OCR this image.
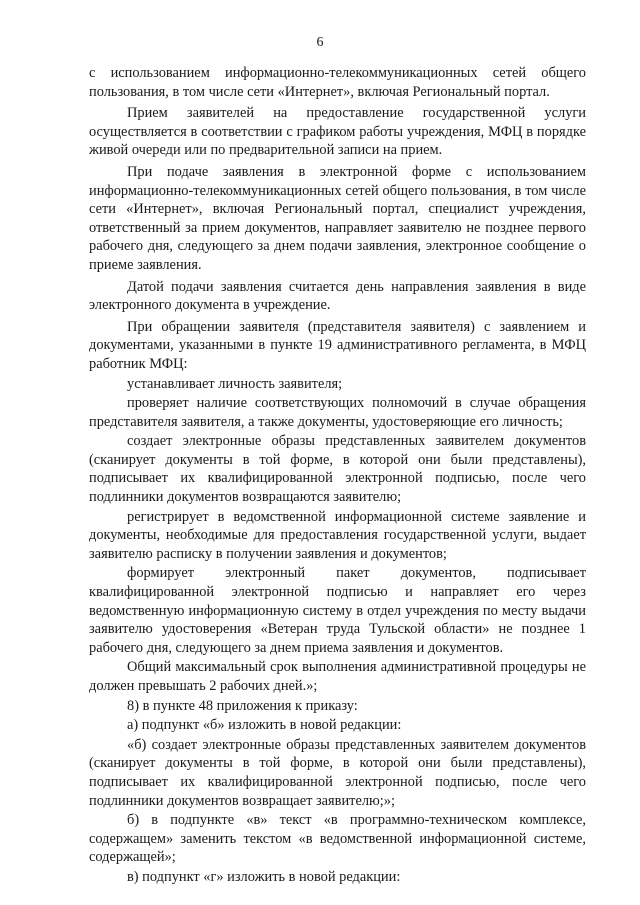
6

с использованием информационно-телекоммуникационных сетей общего пользования, в том числе сети «Интернет», включая Региональный портал.

Прием заявителей на предоставление государственной услуги осуществляется в соответствии с графиком работы учреждения, МФЦ в порядке живой очереди или по предварительной записи на прием.

При подаче заявления в электронной форме с использованием информационно-телекоммуникационных сетей общего пользования, в том числе сети «Интернет», включая Региональный портал, специалист учреждения, ответственный за прием документов, направляет заявителю не позднее первого рабочего дня, следующего за днем подачи заявления, электронное сообщение о приеме заявления.

Датой подачи заявления считается день направления заявления в виде электронного документа в учреждение.

При обращении заявителя (представителя заявителя) с заявлением и документами, указанными в пункте 19 административного регламента, в МФЦ работник МФЦ:

устанавливает личность заявителя;

проверяет наличие соответствующих полномочий в случае обращения представителя заявителя, а также документы, удостоверяющие его личность;

создает электронные образы представленных заявителем документов (сканирует документы в той форме, в которой они были представлены), подписывает их квалифицированной электронной подписью, после чего подлинники документов возвращаются заявителю;

регистрирует в ведомственной информационной системе заявление и документы, необходимые для предоставления государственной услуги, выдает заявителю расписку в получении заявления и документов;

формирует электронный пакет документов, подписывает квалифицированной электронной подписью и направляет его через ведомственную информационную систему в отдел учреждения по месту выдачи заявителю удостоверения «Ветеран труда Тульской области» не позднее 1 рабочего дня, следующего за днем приема заявления и документов.

Общий максимальный срок выполнения административной процедуры не должен превышать 2 рабочих дней.»;

8) в пункте 48 приложения к приказу:

а) подпункт «б» изложить в новой редакции:

«б) создает электронные образы представленных заявителем документов (сканирует документы в той форме, в которой они были представлены), подписывает их квалифицированной электронной подписью, после чего подлинники документов возвращает заявителю;»;

б) в подпункте «в» текст «в программно-техническом комплексе, содержащем» заменить текстом «в ведомственной информационной системе, содержащей»;

в) подпункт «г» изложить в новой редакции:
